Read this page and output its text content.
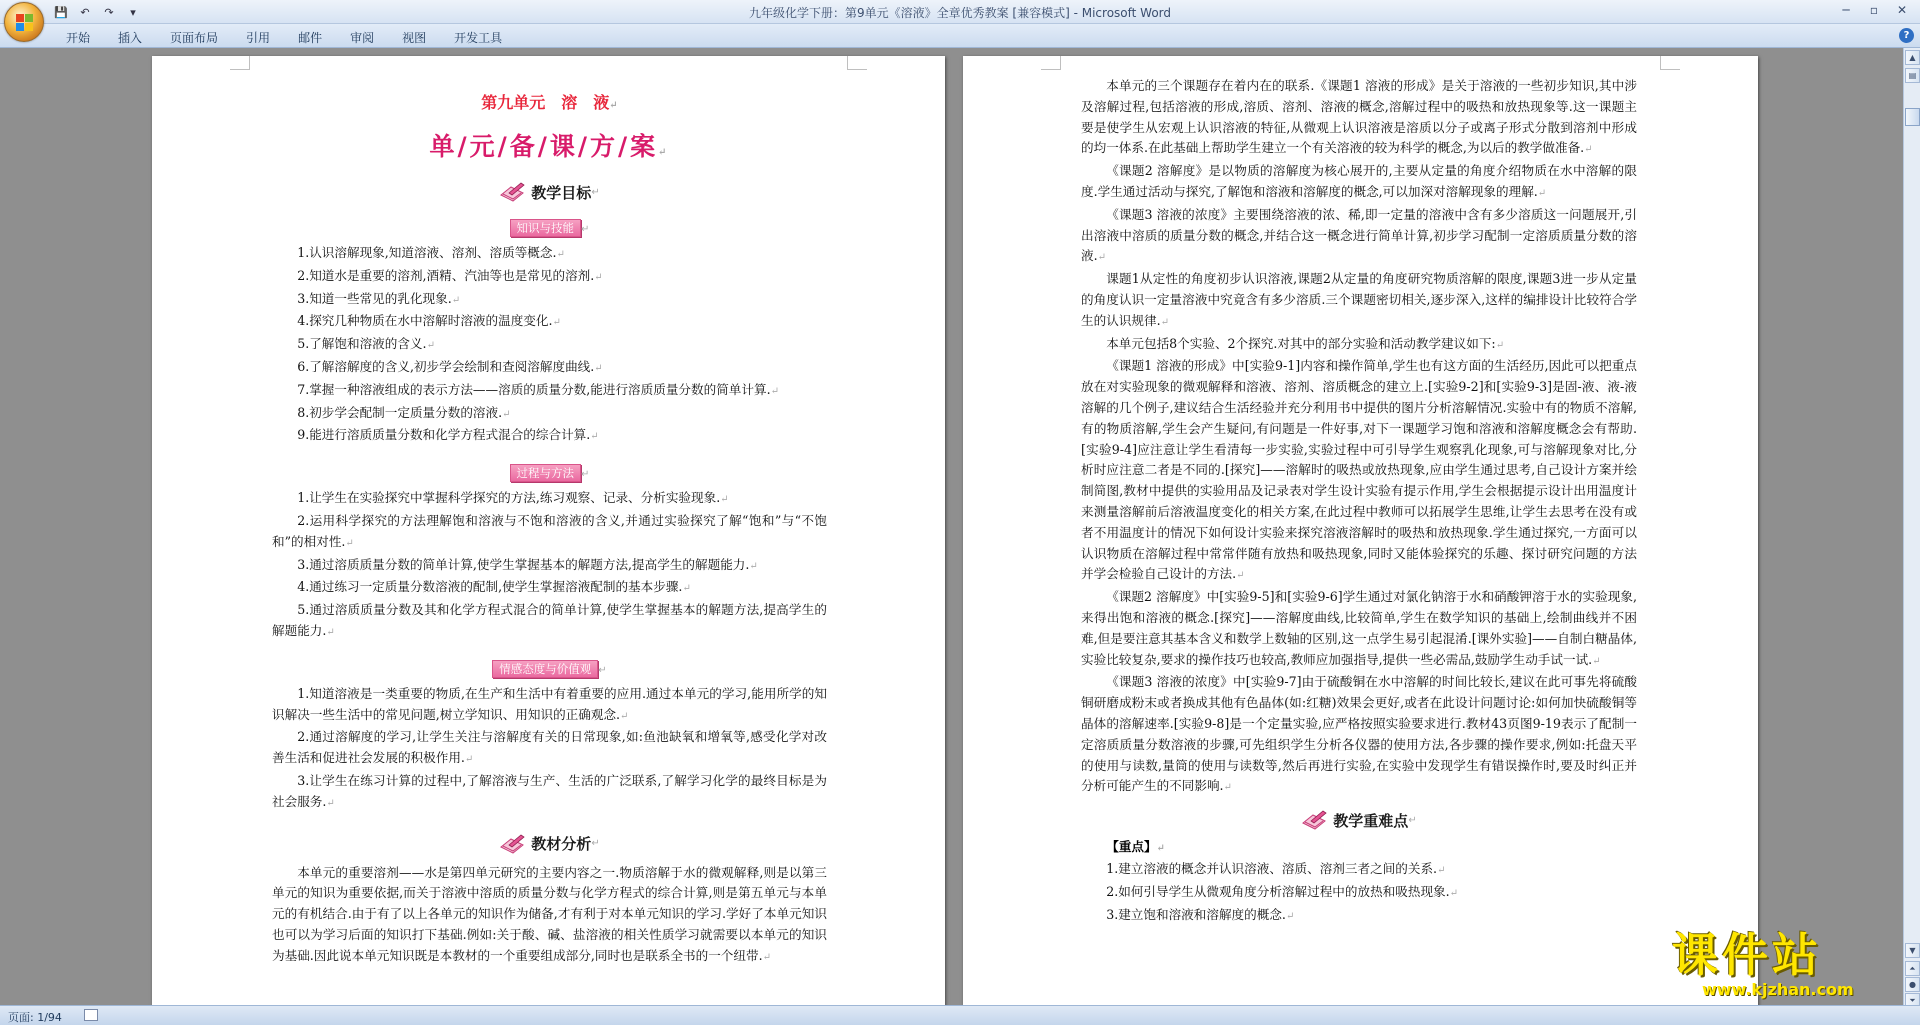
💾	↶	↷	▾	九年级化学下册：第9单元《溶液》全章优秀教案 [兼容模式] - Microsoft Word	─	▫	✕
开始	插入	页面布局	引用	邮件	审阅	视图	开发工具	?
第九单元　溶　液↵
单/元/备/课/方/案↵
教学目标 ↵
知识与技能 ↵
1.认识溶解现象,知道溶液、溶剂、溶质等概念.↵
2.知道水是重要的溶剂,酒精、汽油等也是常见的溶剂.↵
3.知道一些常见的乳化现象.↵
4.探究几种物质在水中溶解时溶液的温度变化.↵
5.了解饱和溶液的含义.↵
6.了解溶解度的含义,初步学会绘制和查阅溶解度曲线.↵
7.掌握一种溶液组成的表示方法——溶质的质量分数,能进行溶质质量分数的简单计算.↵
8.初步学会配制一定质量分数的溶液.↵
9.能进行溶质质量分数和化学方程式混合的综合计算.↵
过程与方法 ↵
1.让学生在实验探究中掌握科学探究的方法,练习观察、记录、分析实验现象.↵
2.运用科学探究的方法理解饱和溶液与不饱和溶液的含义,并通过实验探究了解“饱和”与“不饱和”的相对性.↵
3.通过溶质质量分数的简单计算,使学生掌握基本的解题方法,提高学生的解题能力.↵
4.通过练习一定质量分数溶液的配制,使学生掌握溶液配制的基本步骤.↵
5.通过溶质质量分数及其和化学方程式混合的简单计算,使学生掌握基本的解题方法,提高学生的解题能力.↵
情感态度与价值观 ↵
1.知道溶液是一类重要的物质,在生产和生活中有着重要的应用.通过本单元的学习,能用所学的知识解决一些生活中的常见问题,树立学知识、用知识的正确观念.↵
2.通过溶解度的学习,让学生关注与溶解度有关的日常现象,如:鱼池缺氧和增氧等,感受化学对改善生活和促进社会发展的积极作用.↵
3.让学生在练习计算的过程中,了解溶液与生产、生活的广泛联系,了解学习化学的最终目标是为社会服务.↵
教材分析 ↵
本单元的重要溶剂——水是第四单元研究的主要内容之一.物质溶解于水的微观解释,则是以第三单元的知识为重要依据,而关于溶液中溶质的质量分数与化学方程式的综合计算,则是第五单元与本单元的有机结合.由于有了以上各单元的知识作为储备,才有利于对本单元知识的学习.学好了本单元知识也可以为学习后面的知识打下基础.例如:关于酸、碱、盐溶液的相关性质学习就需要以本单元的知识为基础.因此说本单元知识既是本教材的一个重要组成部分,同时也是联系全书的一个纽带.↵
本单元的三个课题存在着内在的联系.《课题1 溶液的形成》是关于溶液的一些初步知识,其中涉及溶解过程,包括溶液的形成,溶质、溶剂、溶液的概念,溶解过程中的吸热和放热现象等.这一课题主要是使学生从宏观上认识溶液的特征,从微观上认识溶液是溶质以分子或离子形式分散到溶剂中形成的均一体系.在此基础上帮助学生建立一个有关溶液的较为科学的概念,为以后的教学做准备.↵
《课题2 溶解度》是以物质的溶解度为核心展开的,主要从定量的角度介绍物质在水中溶解的限度.学生通过活动与探究,了解饱和溶液和溶解度的概念,可以加深对溶解现象的理解.↵
《课题3 溶液的浓度》主要围绕溶液的浓、稀,即一定量的溶液中含有多少溶质这一问题展开,引出溶液中溶质的质量分数的概念,并结合这一概念进行简单计算,初步学习配制一定溶质质量分数的溶液.↵
课题1从定性的角度初步认识溶液,课题2从定量的角度研究物质溶解的限度,课题3进一步从定量的角度认识一定量溶液中究竟含有多少溶质.三个课题密切相关,逐步深入,这样的编排设计比较符合学生的认识规律.↵
本单元包括8个实验、2个探究.对其中的部分实验和活动教学建议如下:↵
《课题1 溶液的形成》中[实验9-1]内容和操作简单,学生也有这方面的生活经历,因此可以把重点放在对实验现象的微观解释和溶液、溶剂、溶质概念的建立上.[实验9-2]和[实验9-3]是固-液、液-液溶解的几个例子,建议结合生活经验并充分利用书中提供的图片分析溶解情况.实验中有的物质不溶解,有的物质溶解,学生会产生疑问,有问题是一件好事,对下一课题学习饱和溶液和溶解度概念会有帮助.[实验9-4]应注意让学生看清每一步实验,实验过程中可引导学生观察乳化现象,可与溶解现象对比,分析时应注意二者是不同的.[探究]——溶解时的吸热或放热现象,应由学生通过思考,自己设计方案并绘制简图,教材中提供的实验用品及记录表对学生设计实验有提示作用,学生会根据提示设计出用温度计来测量溶解前后溶液温度变化的相关方案,在此过程中教师可以拓展学生思维,让学生去思考在没有或者不用温度计的情况下如何设计实验来探究溶液溶解时的吸热和放热现象.学生通过探究,一方面可以认识物质在溶解过程中常常伴随有放热和吸热现象,同时又能体验探究的乐趣、探讨研究问题的方法并学会检验自己设计的方法.↵
《课题2 溶解度》中[实验9-5]和[实验9-6]学生通过对氯化钠溶于水和硝酸钾溶于水的实验现象,来得出饱和溶液的概念.[探究]——溶解度曲线,比较简单,学生在数学知识的基础上,绘制曲线并不困难,但是要注意其基本含义和数学上数轴的区别,这一点学生易引起混淆.[课外实验]——自制白糖晶体,实验比较复杂,要求的操作技巧也较高,教师应加强指导,提供一些必需品,鼓励学生动手试一试.↵
《课题3 溶液的浓度》中[实验9-7]由于硫酸铜在水中溶解的时间比较长,建议在此可事先将硫酸铜研磨成粉末或者换成其他有色晶体(如:红糖)效果会更好,或者在此设计问题讨论:如何加快硫酸铜等晶体的溶解速率.[实验9-8]是一个定量实验,应严格按照实验要求进行.教材43页图9-19表示了配制一定溶质质量分数溶液的步骤,可先组织学生分析各仪器的使用方法,各步骤的操作要求,例如:托盘天平的使用与读数,量筒的使用与读数等,然后再进行实验,在实验中发现学生有错误操作时,要及时纠正并分析可能产生的不同影响.↵
教学重难点 ↵
【重点】↵
1.建立溶液的概念并认识溶液、溶质、溶剂三者之间的关系.↵
2.如何引导学生从微观角度分析溶解过程中的放热和吸热现象.↵
3.建立饱和溶液和溶解度的概念.↵
▲
▤
▼
⏶
●
⏷
页面: 1/94
课件站
www.kjzhan.com
